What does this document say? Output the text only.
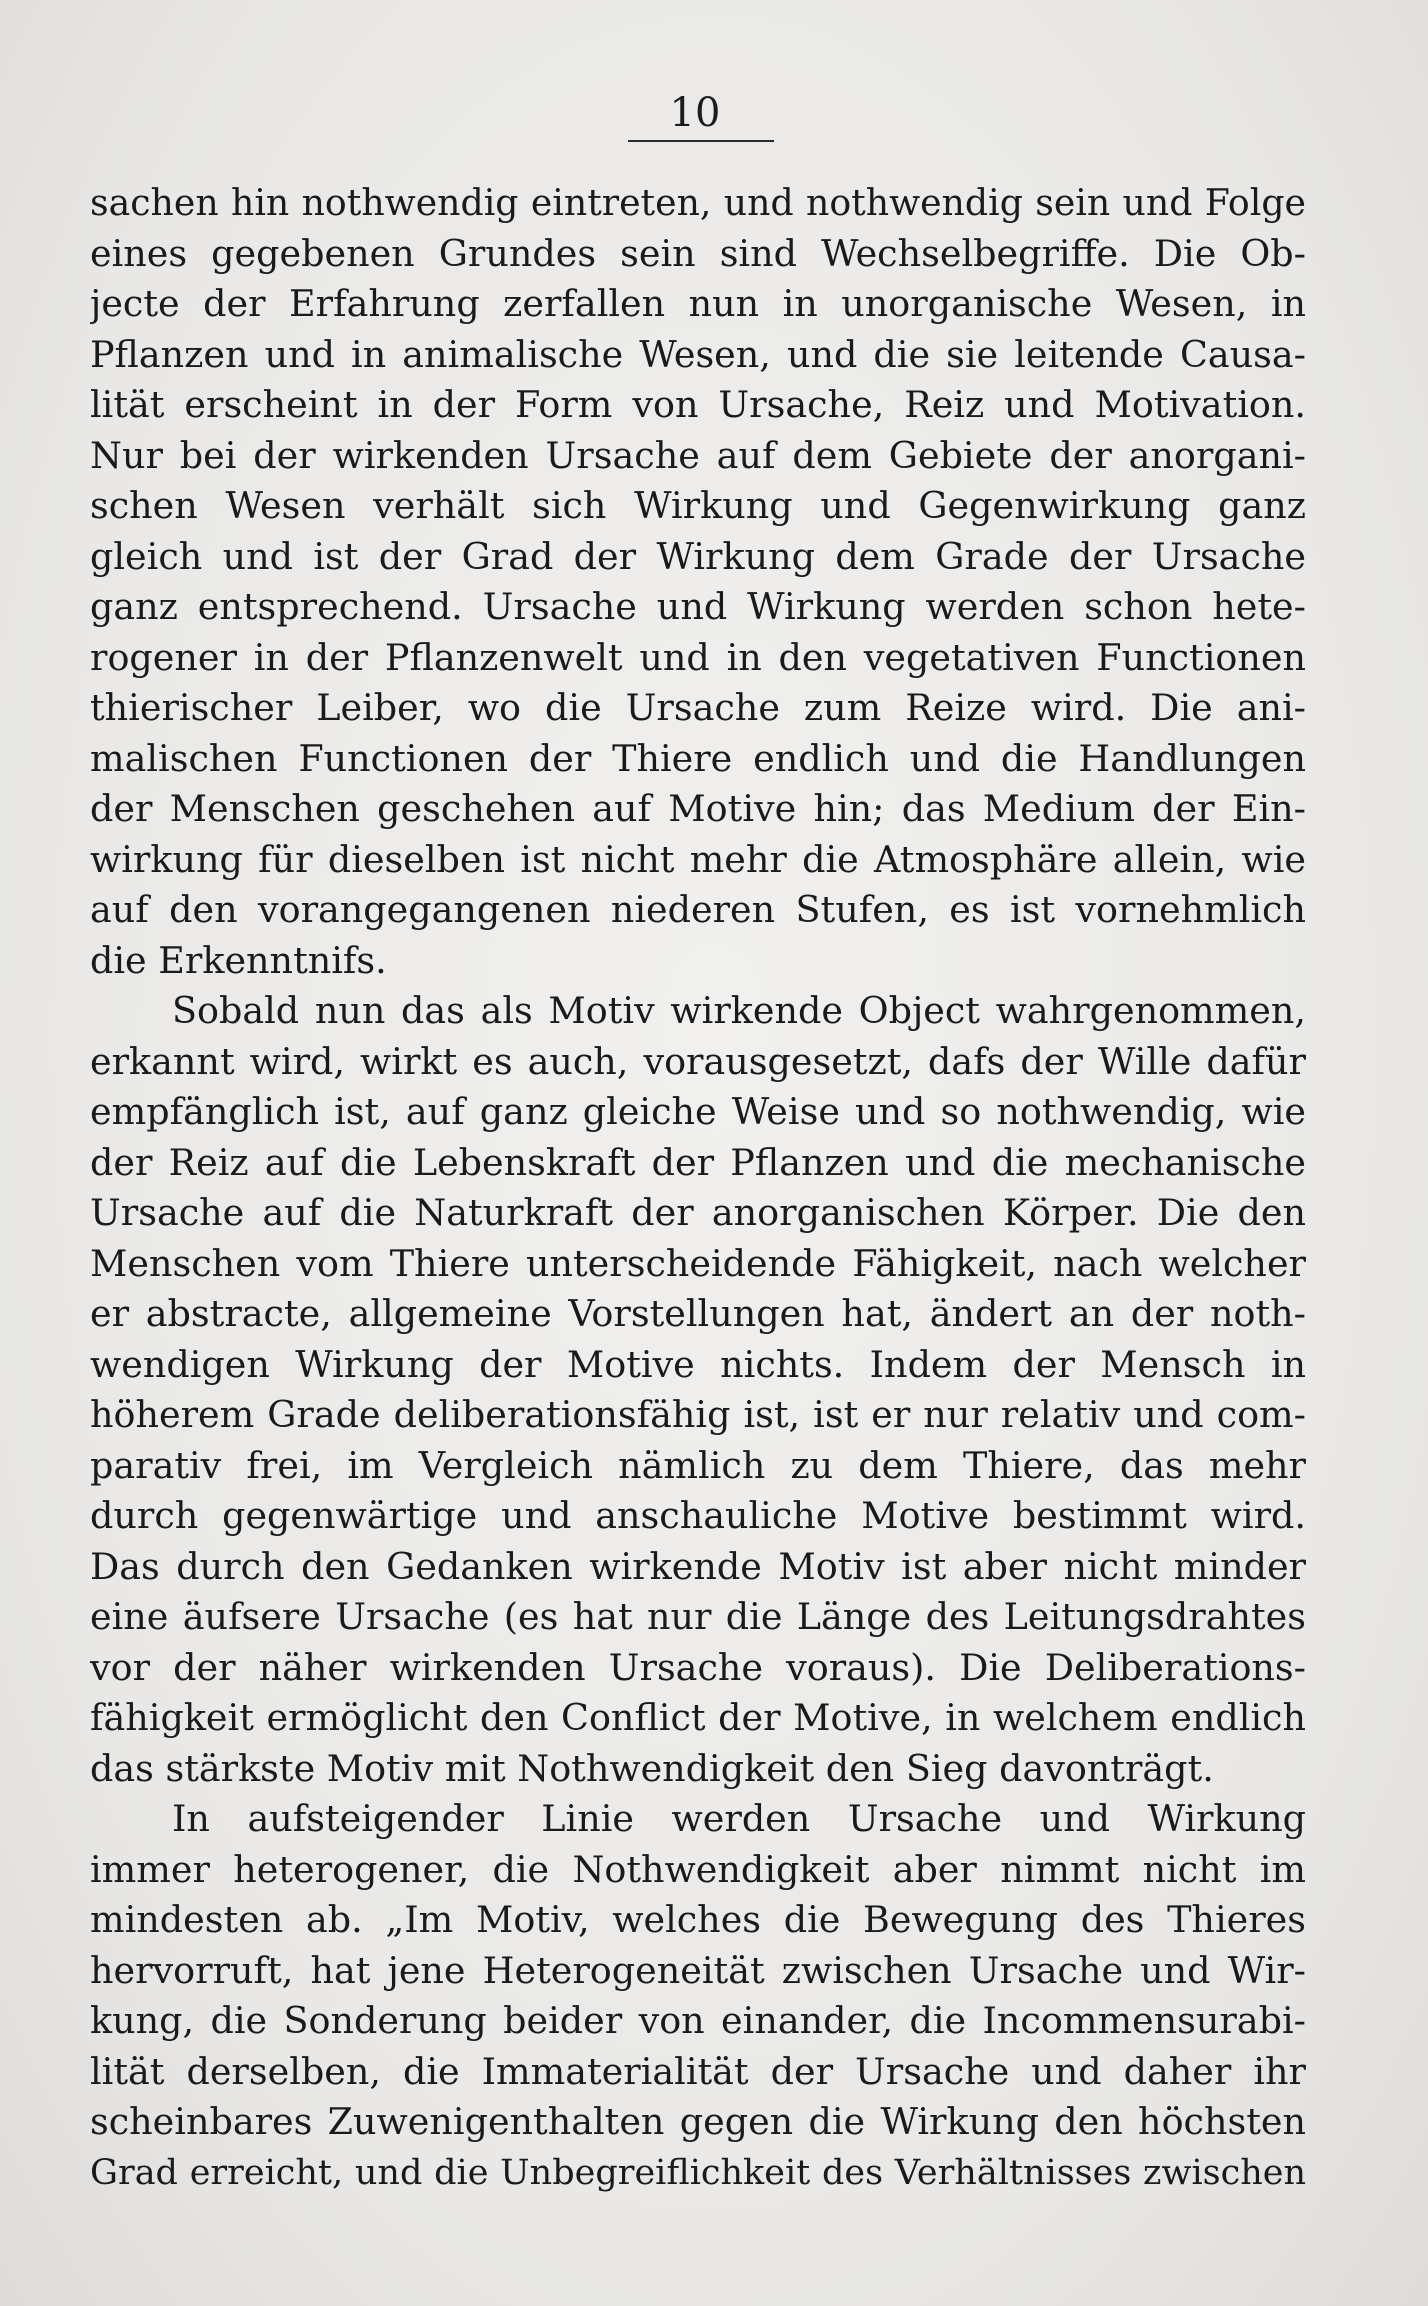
10
sachen hin nothwendig eintreten, und nothwendig sein und Folge
eines gegebenen Grundes sein sind Wechselbegriffe. Die Ob-
jecte der Erfahrung zerfallen nun in unorganische Wesen, in
Pflanzen und in animalische Wesen, und die sie leitende Causa-
lität erscheint in der Form von Ursache, Reiz und Motivation.
Nur bei der wirkenden Ursache auf dem Gebiete der anorgani-
schen Wesen verhält sich Wirkung und Gegenwirkung ganz
gleich und ist der Grad der Wirkung dem Grade der Ursache
ganz entsprechend. Ursache und Wirkung werden schon hete-
rogener in der Pflanzenwelt und in den vegetativen Functionen
thierischer Leiber, wo die Ursache zum Reize wird. Die ani-
malischen Functionen der Thiere endlich und die Handlungen
der Menschen geschehen auf Motive hin; das Medium der Ein-
wirkung für dieselben ist nicht mehr die Atmosphäre allein, wie
auf den vorangegangenen niederen Stufen, es ist vornehmlich
die Erkenntnifs.
Sobald nun das als Motiv wirkende Object wahrgenommen,
erkannt wird, wirkt es auch, vorausgesetzt, dafs der Wille dafür
empfänglich ist, auf ganz gleiche Weise und so nothwendig, wie
der Reiz auf die Lebenskraft der Pflanzen und die mechanische
Ursache auf die Naturkraft der anorganischen Körper. Die den
Menschen vom Thiere unterscheidende Fähigkeit, nach welcher
er abstracte, allgemeine Vorstellungen hat, ändert an der noth-
wendigen Wirkung der Motive nichts. Indem der Mensch in
höherem Grade deliberationsfähig ist, ist er nur relativ und com-
parativ frei, im Vergleich nämlich zu dem Thiere, das mehr
durch gegenwärtige und anschauliche Motive bestimmt wird.
Das durch den Gedanken wirkende Motiv ist aber nicht minder
eine äufsere Ursache (es hat nur die Länge des Leitungsdrahtes
vor der näher wirkenden Ursache voraus). Die Deliberations-
fähigkeit ermöglicht den Conflict der Motive, in welchem endlich
das stärkste Motiv mit Nothwendigkeit den Sieg davonträgt.
In aufsteigender Linie werden Ursache und Wirkung
immer heterogener, die Nothwendigkeit aber nimmt nicht im
mindesten ab. „Im Motiv, welches die Bewegung des Thieres
hervorruft, hat jene Heterogeneität zwischen Ursache und Wir-
kung, die Sonderung beider von einander, die Incommensurabi-
lität derselben, die Immaterialität der Ursache und daher ihr
scheinbares Zuwenigenthalten gegen die Wirkung den höchsten
Grad erreicht, und die Unbegreiflichkeit des Verhältnisses zwischen
